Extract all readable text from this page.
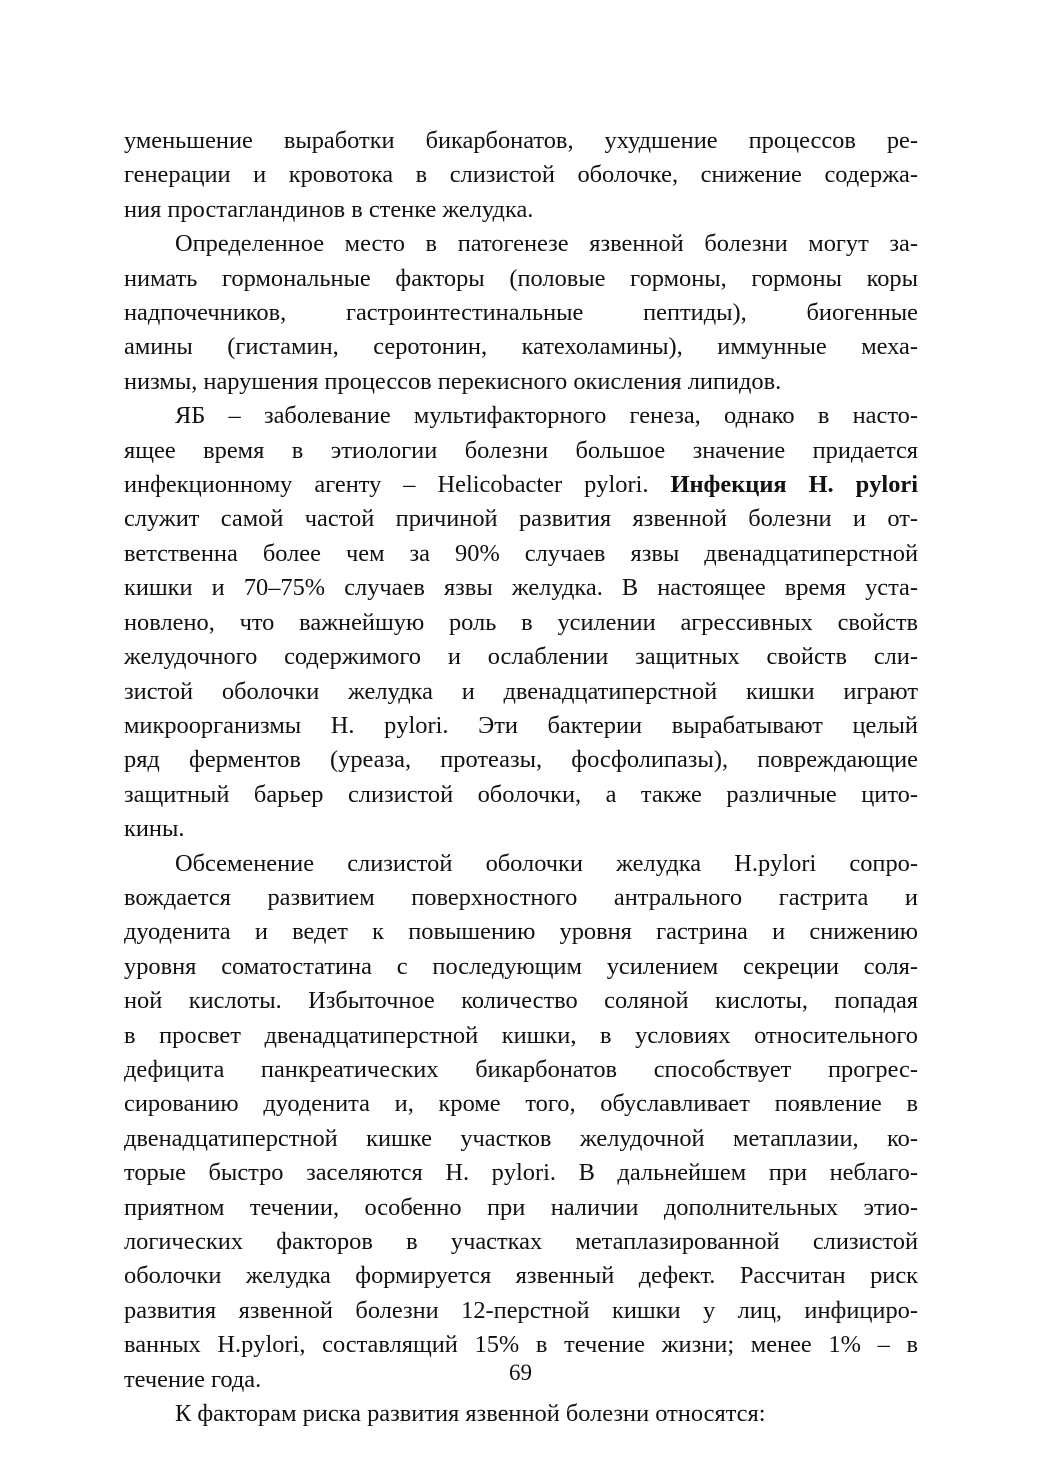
уменьшение выработки бикарбонатов, ухудшение процессов ре-
генерации и кровотока в слизистой оболочке, снижение содержа-
ния простагландинов в стенке желудка.

Определенное место в патогенезе язвенной болезни могут за-
нимать гормональные факторы (половые гормоны, гормоны коры
надпочечников, гастроинтестинальные пептиды), биогенные
амины (гистамин, серотонин, катехоламины), иммунные меха-
низмы, нарушения процессов перекисного окисления липидов.

ЯБ – заболевание мультифакторного генеза, однако в насто-
ящее время в этиологии болезни большое значение придается
инфекционному агенту – Helicobacter pylori. Инфекция H. pylori
служит самой частой причиной развития язвенной болезни и от-
ветственна более чем за 90% случаев язвы двенадцатиперстной
кишки и 70–75% случаев язвы желудка. В настоящее время уста-
новлено, что важнейшую роль в усилении агрессивных свойств
желудочного содержимого и ослаблении защитных свойств сли-
зистой оболочки желудка и двенадцатиперстной кишки играют
микроорганизмы H. pylori. Эти бактерии вырабатывают целый
ряд ферментов (уреаза, протеазы, фосфолипазы), повреждающие
защитный барьер слизистой оболочки, а также различные цито-
кины.

Обсеменение слизистой оболочки желудка H.pylori сопро-
вождается развитием поверхностного антрального гастрита и
дуоденита и ведет к повышению уровня гастрина и снижению
уровня соматостатина с последующим усилением секреции соля-
ной кислоты. Избыточное количество соляной кислоты, попадая
в просвет двенадцатиперстной кишки, в условиях относительного
дефицита панкреатических бикарбонатов способствует прогрес-
сированию дуоденита и, кроме того, обуславливает появление в
двенадцатиперстной кишке участков желудочной метаплазии, ко-
торые быстро заселяются H. pylori. В дальнейшем при неблаго-
приятном течении, особенно при наличии дополнительных этио-
логических факторов в участках метаплазированной слизистой
оболочки желудка формируется язвенный дефект. Рассчитан риск
развития язвенной болезни 12-перстной кишки у лиц, инфициро-
ванных H.pylori, составлящий 15% в течение жизни; менее 1% – в
течение года.

К факторам риска развития язвенной болезни относятся:

69
